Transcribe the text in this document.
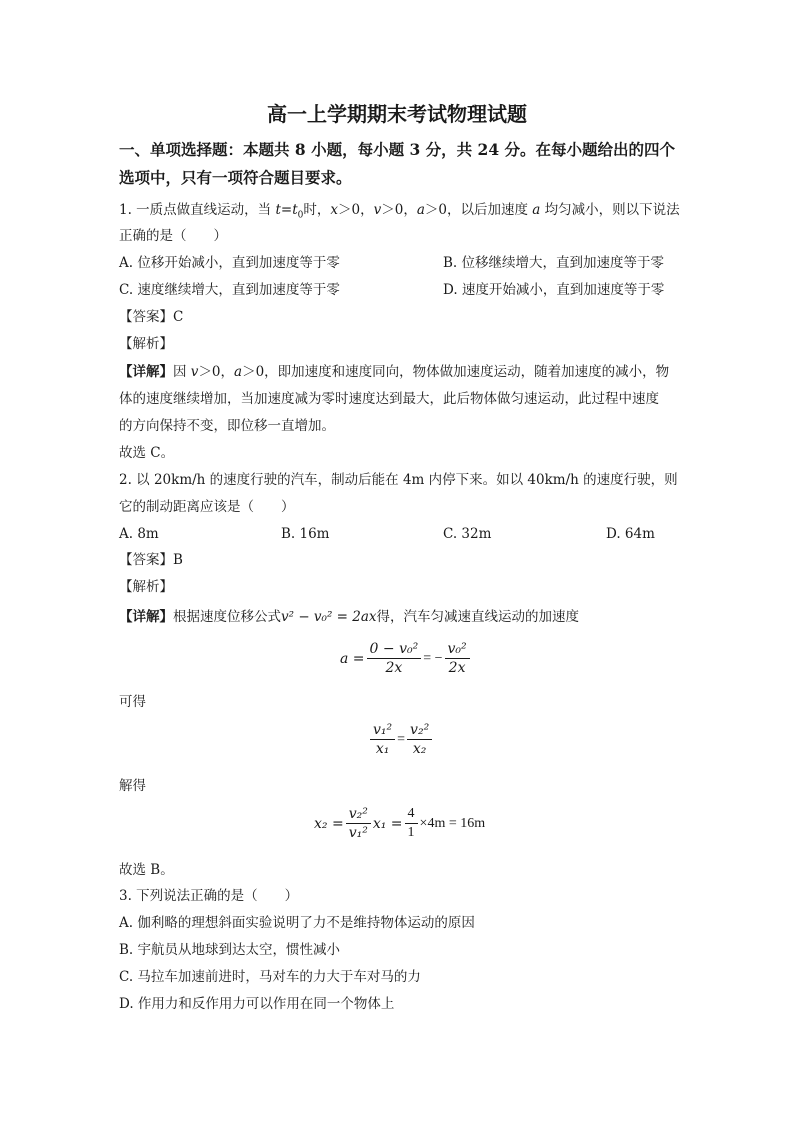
高一上学期期末考试物理试题
一、单项选择题：本题共 8 小题，每小题 3 分，共 24 分。在每小题给出的四个选项中，只有一项符合题目要求。
1. 一质点做直线运动，当 $t=t_0$时，x＞0，v＞0，a＞0，以后加速度 a 均匀减小，则以下说法
正确的是（　　）
A. 位移开始减小，直到加速度等于零	B. 位移继续增大，直到加速度等于零
C. 速度继续增大，直到加速度等于零	D. 速度开始减小，直到加速度等于零
【答案】C
【解析】
【详解】因 v＞0，a＞0，即加速度和速度同向，物体做加速度运动，随着加速度的减小，物
体的速度继续增加，当加速度减为零时速度达到最大，此后物体做匀速运动，此过程中速度
的方向保持不变，即位移一直增加。
故选 C。
2. 以 20km/h 的速度行驶的汽车，制动后能在 4m 内停下来。如以 40km/h 的速度行驶，则
它的制动距离应该是（　　）
A. 8m	B. 16m	C. 32m	D. 64m
【答案】B
【解析】
【详解】根据速度位移公式v² − v₀² = 2ax得，汽车匀减速直线运动的加速度
$a = \frac{\text{0 − v₀²}}{2x}$ = − $\frac{\text{v₀²}}{2x}$
可得
$\frac{\text{v₁²}}{\text{x₁}} = \frac{\text{v₂²}}{\text{x₂}}$
解得
$x_2 = \frac{\text{v₂²}}{\text{v₁²}} x_1 = \frac{4}{1} \times 4m = 16m$
故选 B。
3. 下列说法正确的是（　　）
A. 伽利略的理想斜面实验说明了力不是维持物体运动的原因
B. 宇航员从地球到达太空，惯性减小
C. 马拉车加速前进时，马对车的力大于车对马的力
D. 作用力和反作用力可以作用在同一个物体上
